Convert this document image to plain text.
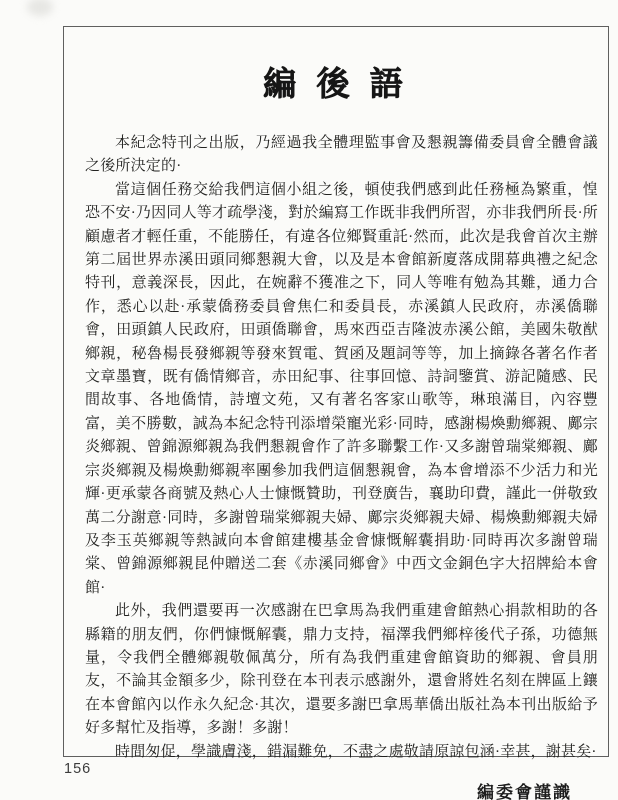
編 後 語

本紀念特刊之出版，乃經過我全體理監事會及懇親籌備委員會全體會議之後所決定的·

當這個任務交給我們這個小組之後，頓使我們感到此任務極為繁重，惶恐不安·乃因同人等才疏學淺，對於編寫工作既非我們所習，亦非我們所長·所顧慮者才輕任重，不能勝任，有違各位鄉賢重託·然而，此次是我會首次主辦第二屆世界赤溪田頭同鄉懇親大會，以及是本會館新廈落成開幕典禮之紀念特刊，意義深長，因此，在婉辭不獲准之下，同人等唯有勉為其難，通力合作，悉心以赴·承蒙僑務委員會焦仁和委員長，赤溪鎮人民政府，赤溪僑聯會，田頭鎮人民政府，田頭僑聯會，馬來西亞吉隆波赤溪公館，美國朱敬猷鄉親，秘魯楊長發鄉親等發來賀電、賀函及題詞等等，加上摘錄各著名作者文章墨寶，既有僑情鄉音，赤田紀事、往事回憶、詩詞鑒賞、游記隨感、民間故事、各地僑情，詩壇文苑，又有著名客家山歌等，琳琅滿目，內容豐富，美不勝數，誠為本紀念特刊添增榮寵光彩·同時，感謝楊煥勳鄉親、鄺宗炎鄉親、曾錦源鄉親為我們懇親會作了許多聯繫工作·又多謝曾瑞棠鄉親、鄺宗炎鄉親及楊煥勳鄉親率團參加我們這個懇親會，為本會增添不少活力和光輝·更承蒙各商號及熱心人士慷慨贊助，刊登廣告，襄助印費，謹此一併敬致萬二分謝意·同時，多謝曾瑞棠鄉親夫婦、鄺宗炎鄉親夫婦、楊煥勳鄉親夫婦及李玉英鄉親等熱誠向本會館建樓基金會慷慨解囊捐助·同時再次多謝曾瑞棠、曾錦源鄉親昆仲贈送二套《赤溪同鄉會》中西文金銅色字大招牌給本會館·

此外，我們還要再一次感謝在巴拿馬為我們重建會館熱心捐款相助的各縣籍的朋友們，你們慷慨解囊，鼎力支持，福澤我們鄉梓後代子孫，功德無量，令我們全體鄉親敬佩萬分，所有為我們重建會館資助的鄉親、會員朋友，不論其金額多少，除刊登在本刊表示感謝外，還會將姓名刻在牌區上鑲在本會館內以作永久紀念·其次，還要多謝巴拿馬華僑出版社為本刊出版給予好多幫忙及指導，多謝！多謝！

時間匆促，學識膚淺，錯漏難免，不盡之處敬請原諒包涵·幸甚，謝甚矣·

編委會謹識
156
